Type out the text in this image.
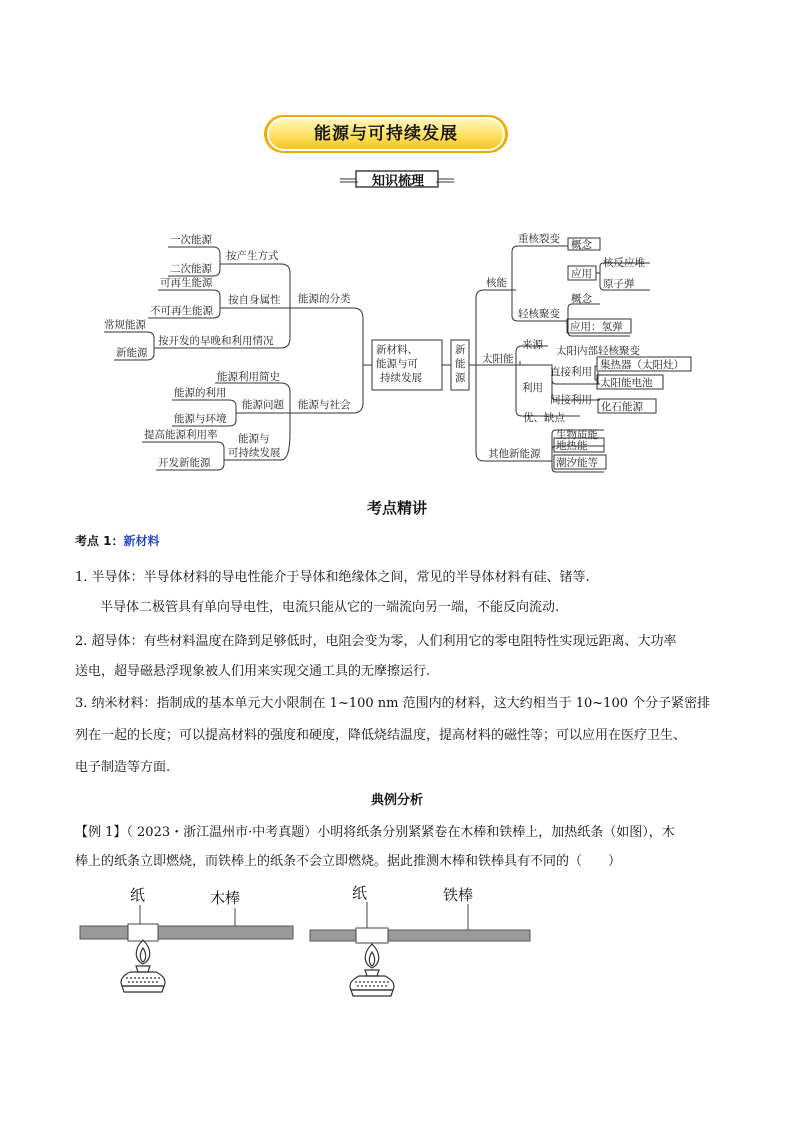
能源与可持续发展
知识梳理
新材料、
能源与可
持续发展
能源的分类
按产生方式
一次能源
二次能源
按自身属性
可再生能源
不可再生能源
按开发的早晚和利用情况
常规能源
新能源
能源与社会
能源利用简史
能源问题
能源的利用
能源与环境
能源与
可持续发展
提高能源利用率
开发新能源
新
能
源
核能
重核裂变 概念
应用
核反应堆
原子弹
轻核聚变
概念
应用：氢弹
太阳能
来源 太阳内部轻核聚变
利用
直接利用
集热器（太阳灶）
太阳能电池
间接利用
化石能源
优、缺点
其他新能源
生物质能
地热能
潮汐能等
考点精讲
考点 1：新材料
1. 半导体：半导体材料的导电性能介于导体和绝缘体之间，常见的半导体材料有硅、锗等.
半导体二极管具有单向导电性，电流只能从它的一端流向另一端，不能反向流动.
2. 超导体：有些材料温度在降到足够低时，电阻会变为零，人们利用它的零电阻特性实现远距离、大功率
送电，超导磁悬浮现象被人们用来实现交通工具的无摩擦运行.
3. 纳米材料：指制成的基本单元大小限制在 1~100 nm 范围内的材料，这大约相当于 10~100 个分子紧密排
列在一起的长度；可以提高材料的强度和硬度，降低烧结温度，提高材料的磁性等；可以应用在医疗卫生、
电子制造等方面.
典例分析
【例 1】（ 2023・浙江温州市·中考真题）小明将纸条分别紧紧卷在木棒和铁棒上，加热纸条（如图），木
棒上的纸条立即燃烧，而铁棒上的纸条不会立即燃烧。据此推测木棒和铁棒具有不同的（　　）
纸	木棒	纸	铁棒
